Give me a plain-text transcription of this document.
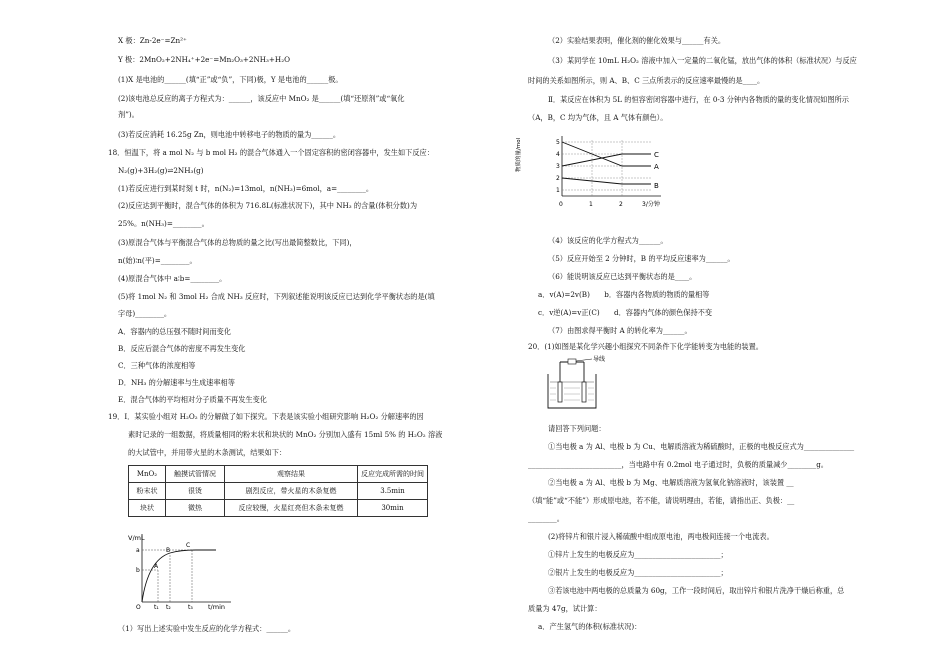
X 极：Zn-2e⁻=Zn²⁺
Y 极：2MnO₂+2NH₄⁺+2e⁻=Mn₂O₃+2NH₃+H₂O
(1)X 是电池的______(填“正”或“负”，下同)极，Y 是电池的______极。
(2)该电池总反应的离子方程式为：______，该反应中 MnO₂ 是______(填“还原剂”或“氧化
剂”)。
(3)若反应消耗 16.25g Zn，则电池中转移电子的物质的量为______。
18．恒温下，将 a mol N₂ 与 b mol H₂ 的混合气体通入一个固定容积的密闭容器中，发生如下反应：
N₂(g)+3H₂(g)⇌2NH₃(g)
(1)若反应进行到某时刻 t 时，n(N₂)=13mol，n(NH₃)=6mol，a=________。
(2)反应达到平衡时，混合气体的体积为 716.8L(标准状况下)，其中 NH₃ 的含量(体积分数)为
25%。n(NH₃)=________。
(3)原混合气体与平衡混合气体的总物质的量之比(写出最简整数比，下同)，
n(始)∶n(平)=________。
(4)原混合气体中 a∶b=________。
(5)将 1mol N₂ 和 3mol H₂ 合成 NH₃ 反应时，下列叙述能说明该反应已达到化学平衡状态的是(填
字母)________。
A．容器内的总压强不随时间而变化
B．反应后混合气体的密度不再发生变化
C．三种气体的浓度相等
D．NH₃ 的分解速率与生成速率相等
E．混合气体的平均相对分子质量不再发生变化
19．Ⅰ．某实验小组对 H₂O₂ 的分解做了如下探究。下表是该实验小组研究影响 H₂O₂ 分解速率的因
素时记录的一组数据，将质量相同的粉末状和块状的 MnO₂ 分别加入盛有 15ml 5% 的 H₂O₂ 溶液
的大试管中，并用带火星的木条测试，结果如下：
MnO₂	触摸试管情况	观察结果	反应完成所需的时间
粉末状	很烫	剧烈反应，带火星的木条复燃	3.5min
块状	微热	反应较慢，火星红亮但木条未复燃	30min
V/mL
t/min
a
b
A
B
C
O t₁ t₂	t₃
（1）写出上述实验中发生反应的化学方程式：______。
（2）实验结果表明，催化剂的催化效果与______有关。
（3）某同学在 10mL H₂O₂ 溶液中加入一定量的二氧化锰，放出气体的体积（标准状况）与反应
时间的关系如图所示，则 A、B、C 三点所表示的反应速率最慢的是____。
Ⅱ．某反应在体积为 5L 的恒容密闭容器中进行，在 0-3 分钟内各物质的量的变化情况如图所示
（A，B，C 均为气体，且 A 气体有颜色）。
物质的量/mol	5
4
3
2
1
0	1	2	3/分钟
C
A
B
（4）该反应的化学方程式为______。
（5）反应开始至 2 分钟时，B 的平均反应速率为______。
（6）能说明该反应已达到平衡状态的是____。
a．v(A)=2v(B)　　b．容器内各物质的物质的量相等
c．v逆(A)=v正(C)　　d．容器内气体的颜色保持不变
（7）由图求得平衡时 A 的转化率为______。
20．(1)如图是某化学兴趣小组探究不同条件下化学能转变为电能的装置。
导线
请回答下列问题：
①当电极 a 为 Al、电极 b 为 Cu、电解质溶液为稀硫酸时，正极的电极反应式为______________
__________________________，当电路中有 0.2mol 电子通过时，负极的质量减少________g。
②当电极 a 为 Al、电极 b 为 Mg、电解质溶液为氢氧化钠溶液时，该装置 __
（填“能”或“不能”）形成原电池，若不能，请说明理由，若能，请指出正、负极：__
________。
(2)将锌片和银片浸入稀硫酸中组成原电池，两电极间连接一个电流表。
①锌片上发生的电极反应为________________________；
②银片上发生的电极反应为________________________；
③若该电池中两电极的总质量为 60g，工作一段时间后，取出锌片和银片洗净干燥后称重，总
质量为 47g，试计算：
a．产生氢气的体积(标准状况)：
